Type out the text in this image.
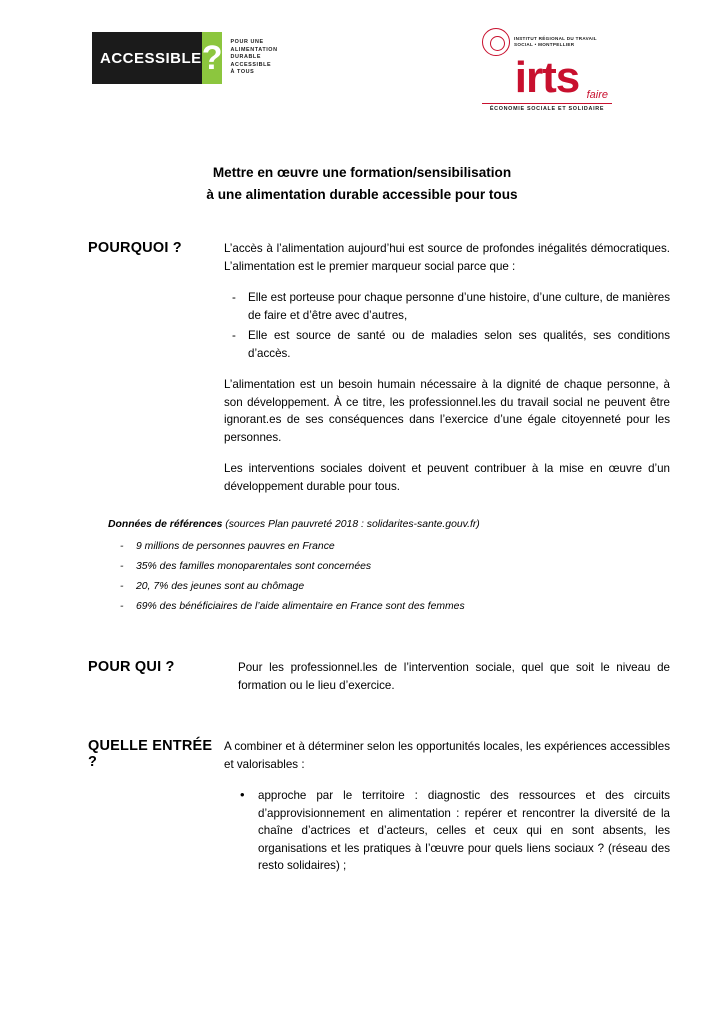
ACCESSIBLE ? POUR UNE
ALIMENTATION
DURABLE
ACCESSIBLE
À TOUS
INSTITUT RÉGIONAL DU TRAVAIL SOCIAL • MONTPELLIER
irts faire
ÉCONOMIE SOCIALE ET SOLIDAIRE
Mettre en œuvre une formation/sensibilisation
à une alimentation durable accessible pour tous
POURQUOI ?	L’accès à l’alimentation aujourd’hui est source de profondes inégalités démocratiques. L’alimentation est le premier marqueur social parce que :

- Elle est porteuse pour chaque personne d’une histoire, d’une culture, de manières de faire et d’être avec d’autres,
- Elle est source de santé ou de maladies selon ses qualités, ses conditions d’accès.

L’alimentation est un besoin humain nécessaire à la dignité de chaque personne, à son développement. À ce titre, les professionnel.les du travail social ne peuvent être ignorant.es de ses conséquences dans l’exercice d’une égale citoyenneté pour les personnes.

Les interventions sociales doivent et peuvent contribuer à la mise en œuvre d’un développement durable pour tous.

Données de références (sources Plan pauvreté 2018 : solidarites-sante.gouv.fr)
- 9 millions de personnes pauvres en France
- 35% des familles monoparentales sont concernées
- 20, 7% des jeunes sont au chômage
- 69% des bénéficiaires de l’aide alimentaire en France sont des femmes
POUR QUI ?	Pour les professionnel.les de l’intervention sociale, quel que soit le niveau de formation ou le lieu d’exercice.

QUELLE ENTRÉE ?

A combiner et à déterminer selon les opportunités locales, les expériences accessibles et valorisables :

• approche par le territoire : diagnostic des ressources et des circuits d’approvisionnement en alimentation : repérer et rencontrer la diversité de la chaîne d’actrices et d’acteurs, celles et ceux qui en sont absents, les organisations et les pratiques à l’œuvre pour quels liens sociaux ? (réseau des resto solidaires) ;
